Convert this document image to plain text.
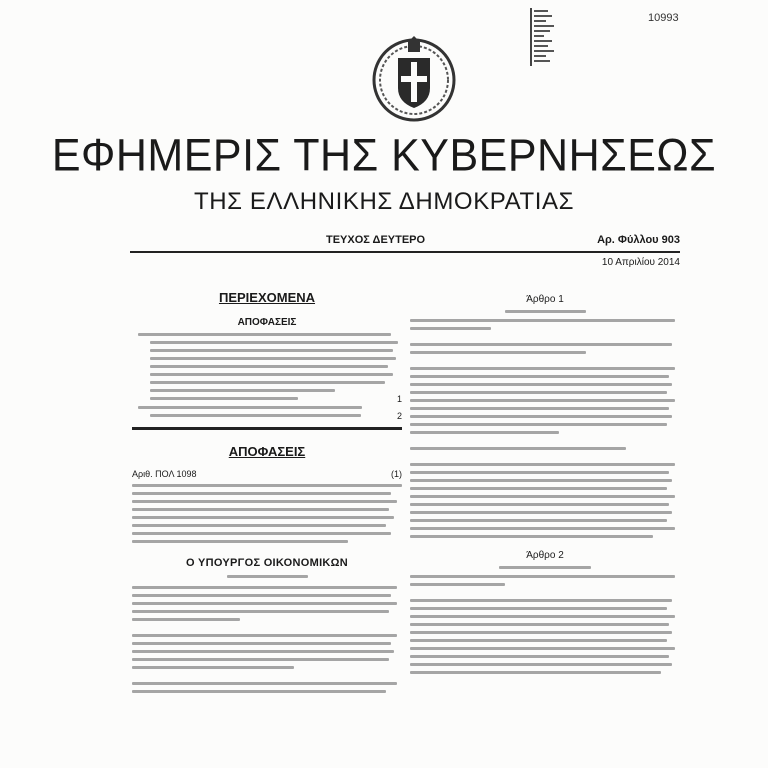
10993
ΕΦΗΜΕΡΙΣ ΤΗΣ ΚΥΒΕΡΝΗΣΕΩΣ
ΤΗΣ ΕΛΛΗΝΙΚΗΣ ΔΗΜΟΚΡΑΤΙΑΣ
ΤΕΥΧΟΣ ΔΕΥΤΕΡΟ	Αρ. Φύλλου 903
10 Απριλίου 2014
ΠΕΡΙΕΧΟΜΕΝΑ
ΑΠΟΦΑΣΕΙΣ
1
2
ΑΠΟΦΑΣΕΙΣ
Αριθ. ΠΟΛ 1098	(1)
Ο ΥΠΟΥΡΓΟΣ ΟΙΚΟΝΟΜΙΚΩΝ
Άρθρο 1
Άρθρο 2
